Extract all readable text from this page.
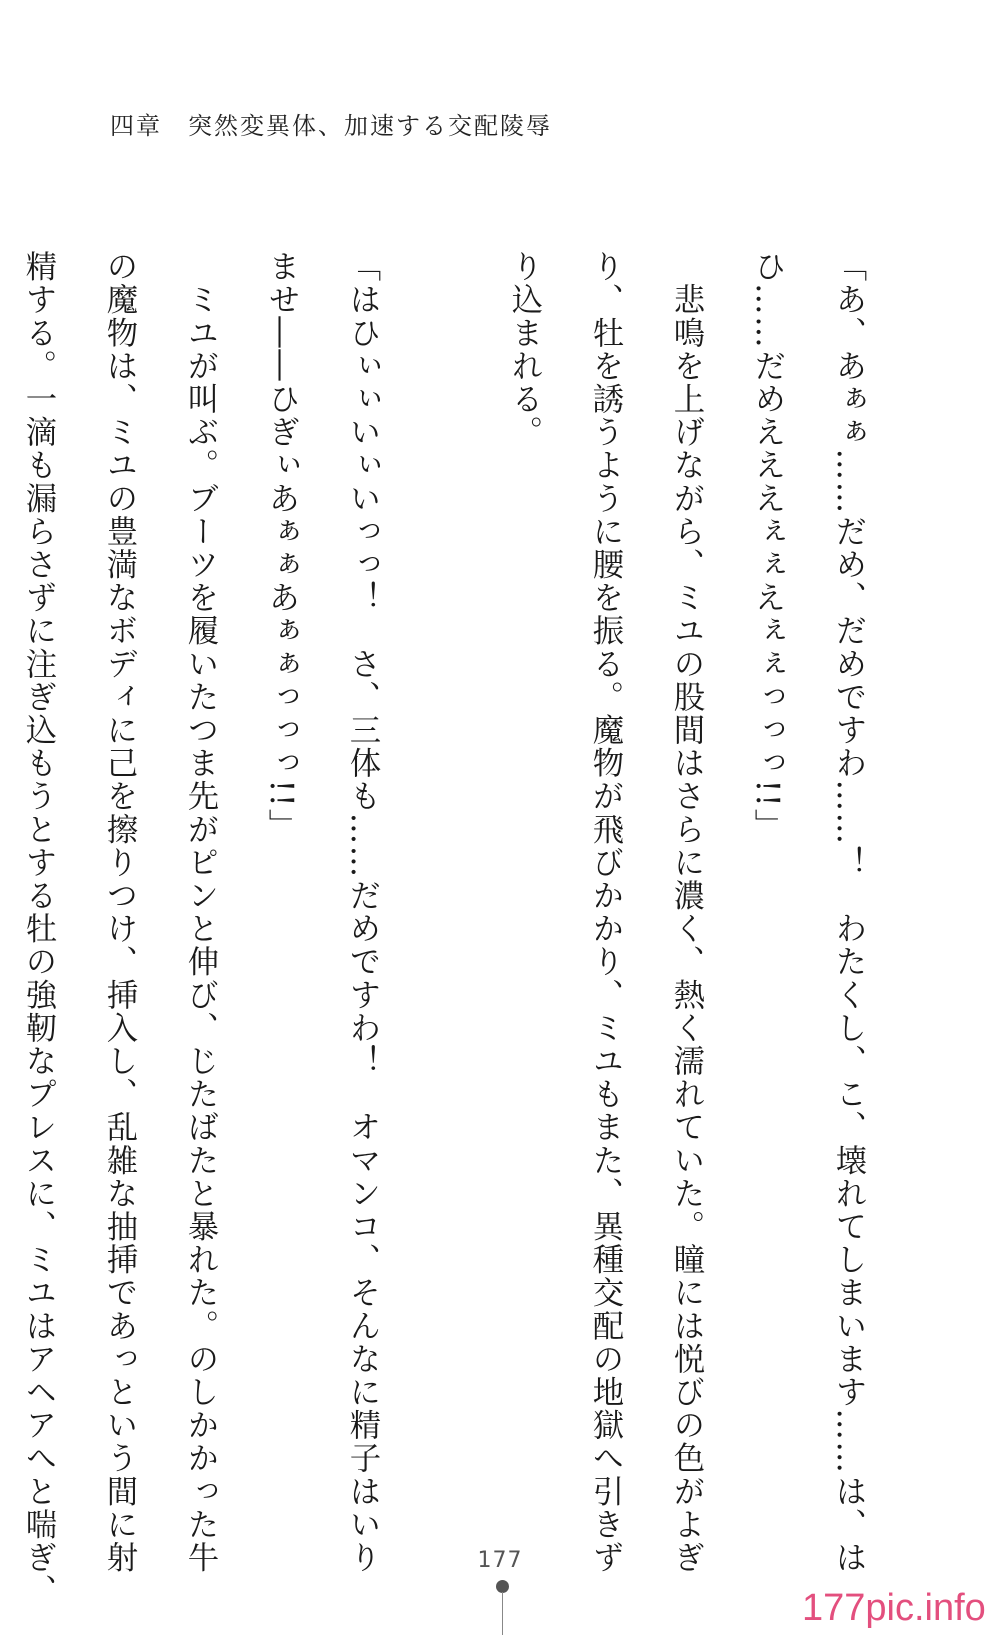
四章　突然変異体、加速する交配陵辱

「あ、あぁぁ……だめ、だめですわ……！　わたくし、こ、壊れてしまいます……は、は

ひ……だめえええぇぇえぇぇっっっ!!」

　悲鳴を上げながら、ミユの股間はさらに濃く、熱く濡れていた。瞳には悦びの色がよぎ

り、牡を誘うように腰を振る。魔物が飛びかかり、ミユもまた、異種交配の地獄へ引きず

り込まれる。

「はひぃぃいぃいっっ！　さ、三体も……だめですわ！　オマンコ、そんなに精子はいり

ませ――ひぎぃあぁぁあぁぁっっっ!!」

　ミユが叫ぶ。ブーツを履いたつま先がピンと伸び、じたばたと暴れた。のしかかった牛

の魔物は、ミユの豊満なボディに己を擦りつけ、挿入し、乱雑な抽挿であっという間に射

精する。一滴も漏らさずに注ぎ込もうとする牡の強靭なプレスに、ミユはアヘアへと喘ぎ、	177
177pic.info
